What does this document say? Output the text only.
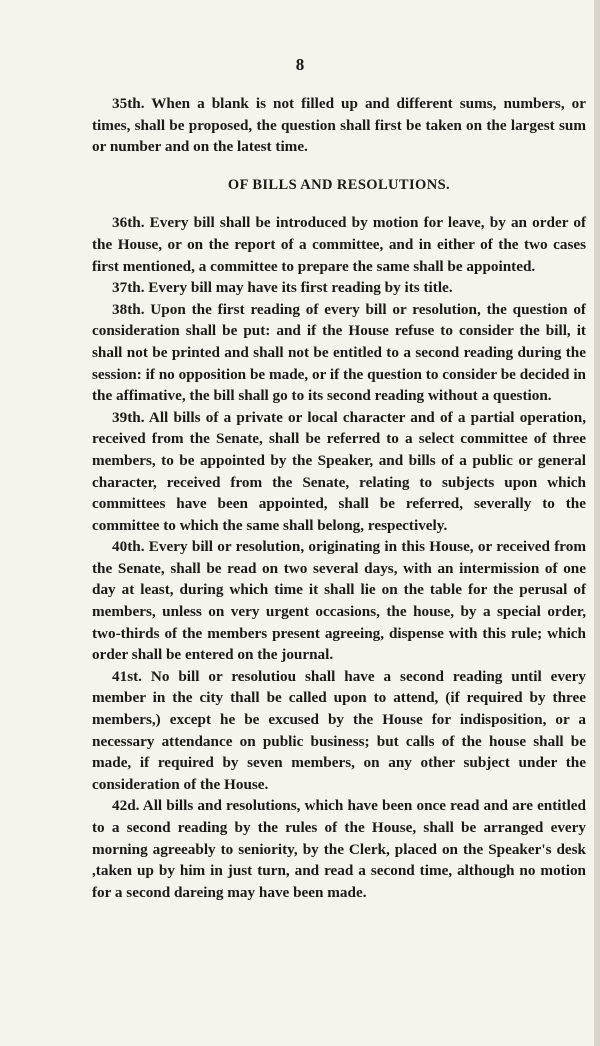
8

35th. When a blank is not filled up and different sums, numbers, or times, shall be proposed, the question shall first be taken on the largest sum or number and on the latest time.

OF BILLS AND RESOLUTIONS.

36th. Every bill shall be introduced by motion for leave, by an order of the House, or on the report of a committee, and in either of the two cases first mentioned, a committee to prepare the same shall be appointed.

37th. Every bill may have its first reading by its title.

38th. Upon the first reading of every bill or resolution, the question of consideration shall be put: and if the House refuse to consider the bill, it shall not be printed and shall not be entitled to a second reading during the session: if no opposition be made, or if the question to consider be decided in the affimative, the bill shall go to its second reading without a question.

39th. All bills of a private or local character and of a partial operation, received from the Senate, shall be referred to a select committee of three members, to be appointed by the Speaker, and bills of a public or general character, received from the Senate, relating to subjects upon which committees have been appointed, shall be referred, severally to the committee to which the same shall belong, respectively.

40th. Every bill or resolution, originating in this House, or received from the Senate, shall be read on two several days, with an intermission of one day at least, during which time it shall lie on the table for the perusal of members, unless on very urgent occasions, the house, by a special order, two-thirds of the members present agreeing, dispense with this rule; which order shall be entered on the journal.

41st. No bill or resolutiou shall have a second reading until every member in the city thall be called upon to attend, (if required by three members,) except he be excused by the House for indisposition, or a necessary attendance on public business; but calls of the house shall be made, if required by seven members, on any other subject under the consideration of the House.

42d. All bills and resolutions, which have been once read and are entitled to a second reading by the rules of the House, shall be arranged every morning agreeably to seniority, by the Clerk, placed on the Speaker's desk ,taken up by him in just turn, and read a second time, although no motion for a second dareing may have been made.
